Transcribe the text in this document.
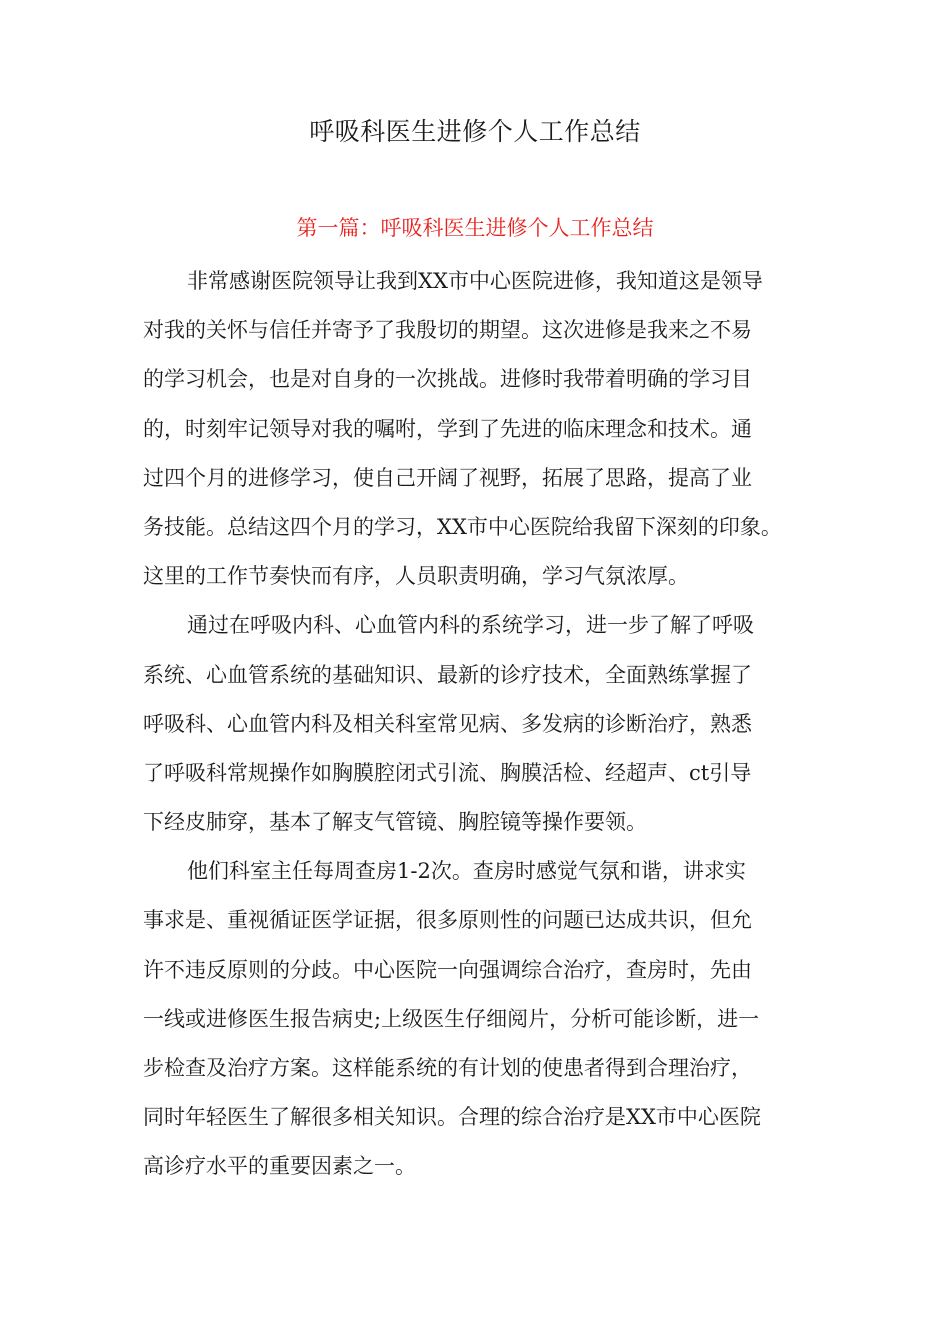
呼吸科医生进修个人工作总结
第一篇：呼吸科医生进修个人工作总结

非常感谢医院领导让我到XX市中心医院进修，我知道这是领导
对我的关怀与信任并寄予了我殷切的期望。这次进修是我来之不易
的学习机会，也是对自身的一次挑战。进修时我带着明确的学习目
的，时刻牢记领导对我的嘱咐，学到了先进的临床理念和技术。通
过四个月的进修学习，使自己开阔了视野，拓展了思路，提高了业
务技能。总结这四个月的学习，XX市中心医院给我留下深刻的印象。
这里的工作节奏快而有序，人员职责明确，学习气氛浓厚。

通过在呼吸内科、心血管内科的系统学习，进一步了解了呼吸
系统、心血管系统的基础知识、最新的诊疗技术，全面熟练掌握了
呼吸科、心血管内科及相关科室常见病、多发病的诊断治疗，熟悉
了呼吸科常规操作如胸膜腔闭式引流、胸膜活检、经超声、ct引导
下经皮肺穿，基本了解支气管镜、胸腔镜等操作要领。

他们科室主任每周查房1-2次。查房时感觉气氛和谐，讲求实
事求是、重视循证医学证据，很多原则性的问题已达成共识，但允
许不违反原则的分歧。中心医院一向强调综合治疗，查房时，先由
一线或进修医生报告病史;上级医生仔细阅片，分析可能诊断，进一
步检查及治疗方案。这样能系统的有计划的使患者得到合理治疗，
同时年轻医生了解很多相关知识。合理的综合治疗是XX市中心医院
高诊疗水平的重要因素之一。
